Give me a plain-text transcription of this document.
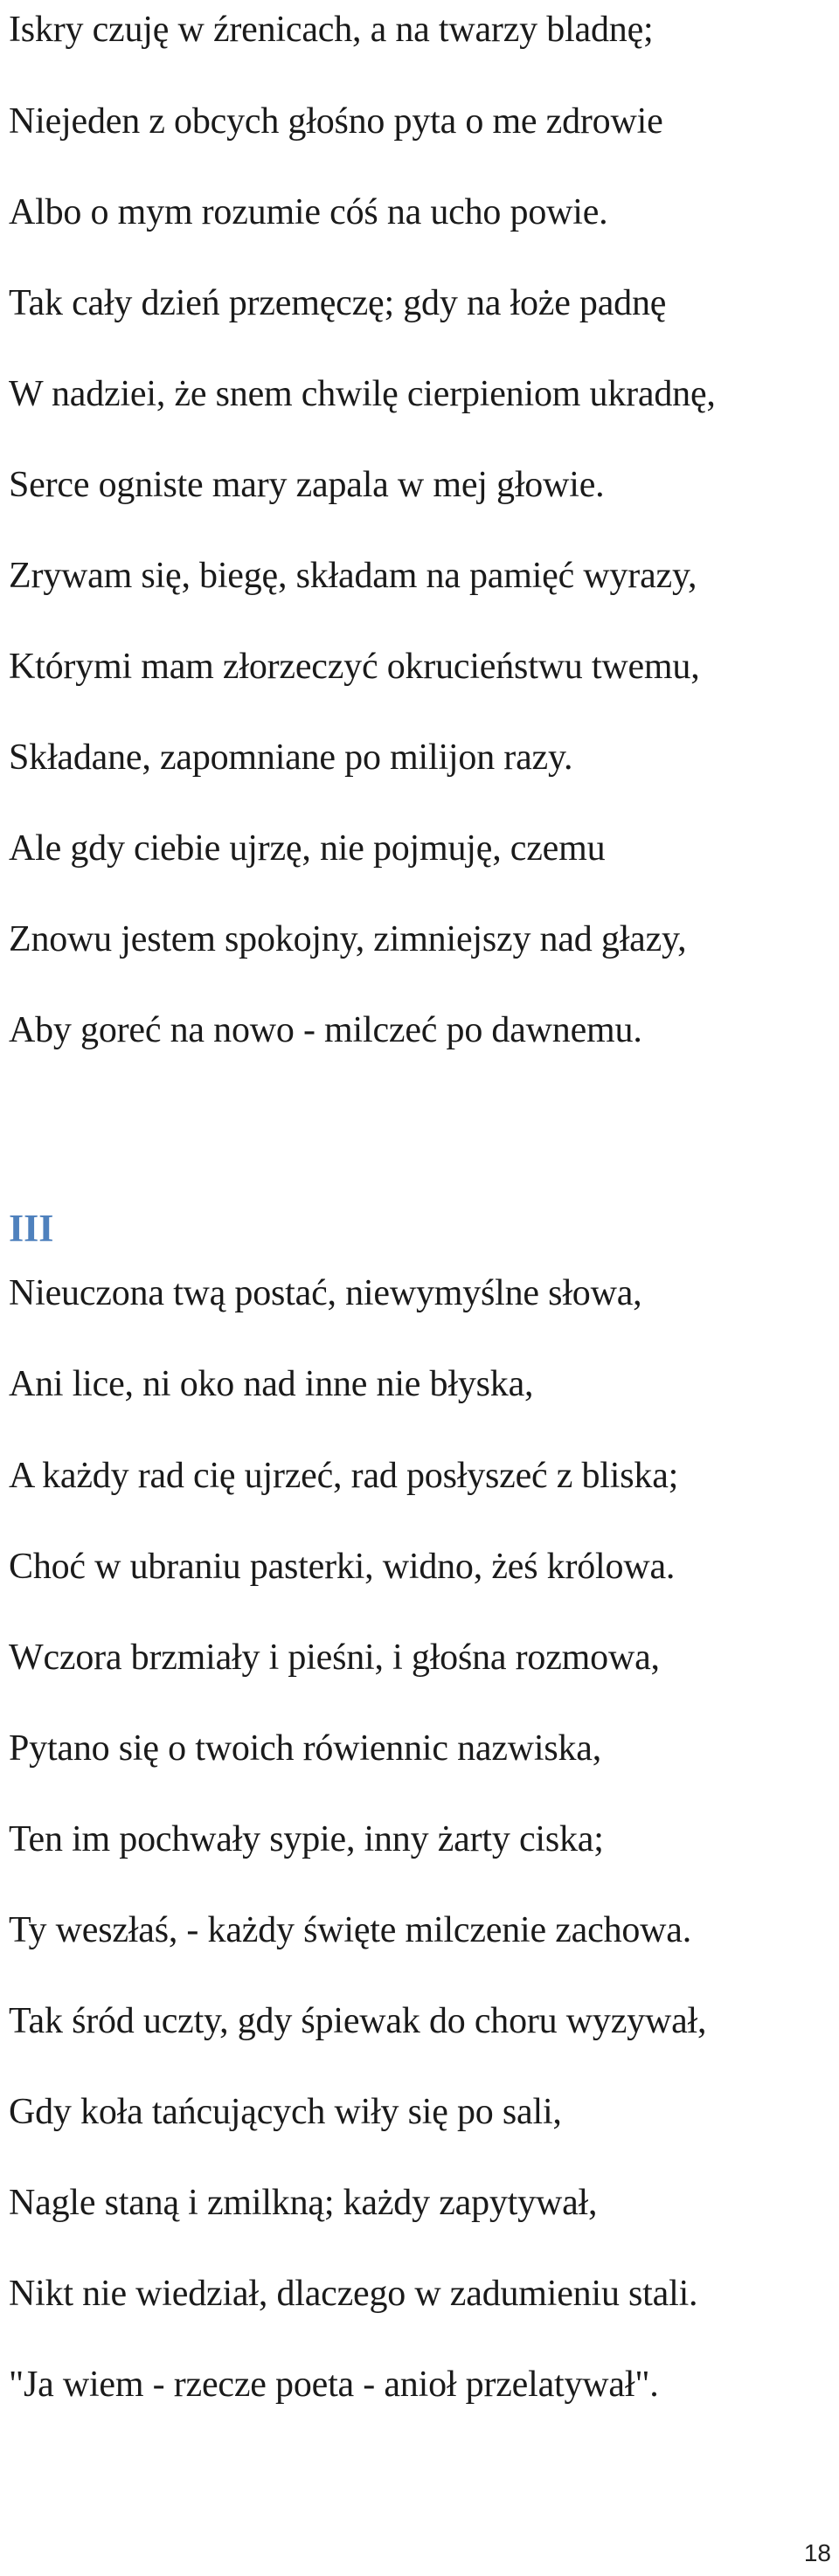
Iskry czuję w źrenicach, a na twarzy bladnę;
Niejeden z obcych głośno pyta o me zdrowie
Albo o mym rozumie cóś na ucho powie.
Tak cały dzień przemęczę; gdy na łoże padnę
W nadziei, że snem chwilę cierpieniom ukradnę,
Serce ogniste mary zapala w mej głowie.
Zrywam się, biegę, składam na pamięć wyrazy,
Którymi mam złorzeczyć okrucieństwu twemu,
Składane, zapomniane po milijon razy.
Ale gdy ciebie ujrzę, nie pojmuję, czemu
Znowu jestem spokojny, zimniejszy nad głazy,
Aby goreć na nowo - milczeć po dawnemu.
III
Nieuczona twą postać, niewymyślne słowa,
Ani lice, ni oko nad inne nie błyska,
A każdy rad cię ujrzeć, rad posłyszeć z bliska;
Choć w ubraniu pasterki, widno, żeś królowa.
Wczora brzmiały i pieśni, i głośna rozmowa,
Pytano się o twoich rówiennic nazwiska,
Ten im pochwały sypie, inny żarty ciska;
Ty weszłaś, - każdy święte milczenie zachowa.
Tak śród uczty, gdy śpiewak do choru wyzywał,
Gdy koła tańcujących wiły się po sali,
Nagle staną i zmilkną; każdy zapytywał,
Nikt nie wiedział, dlaczego w zadumieniu stali.
"Ja wiem - rzecze poeta - anioł przelatywał".
18
